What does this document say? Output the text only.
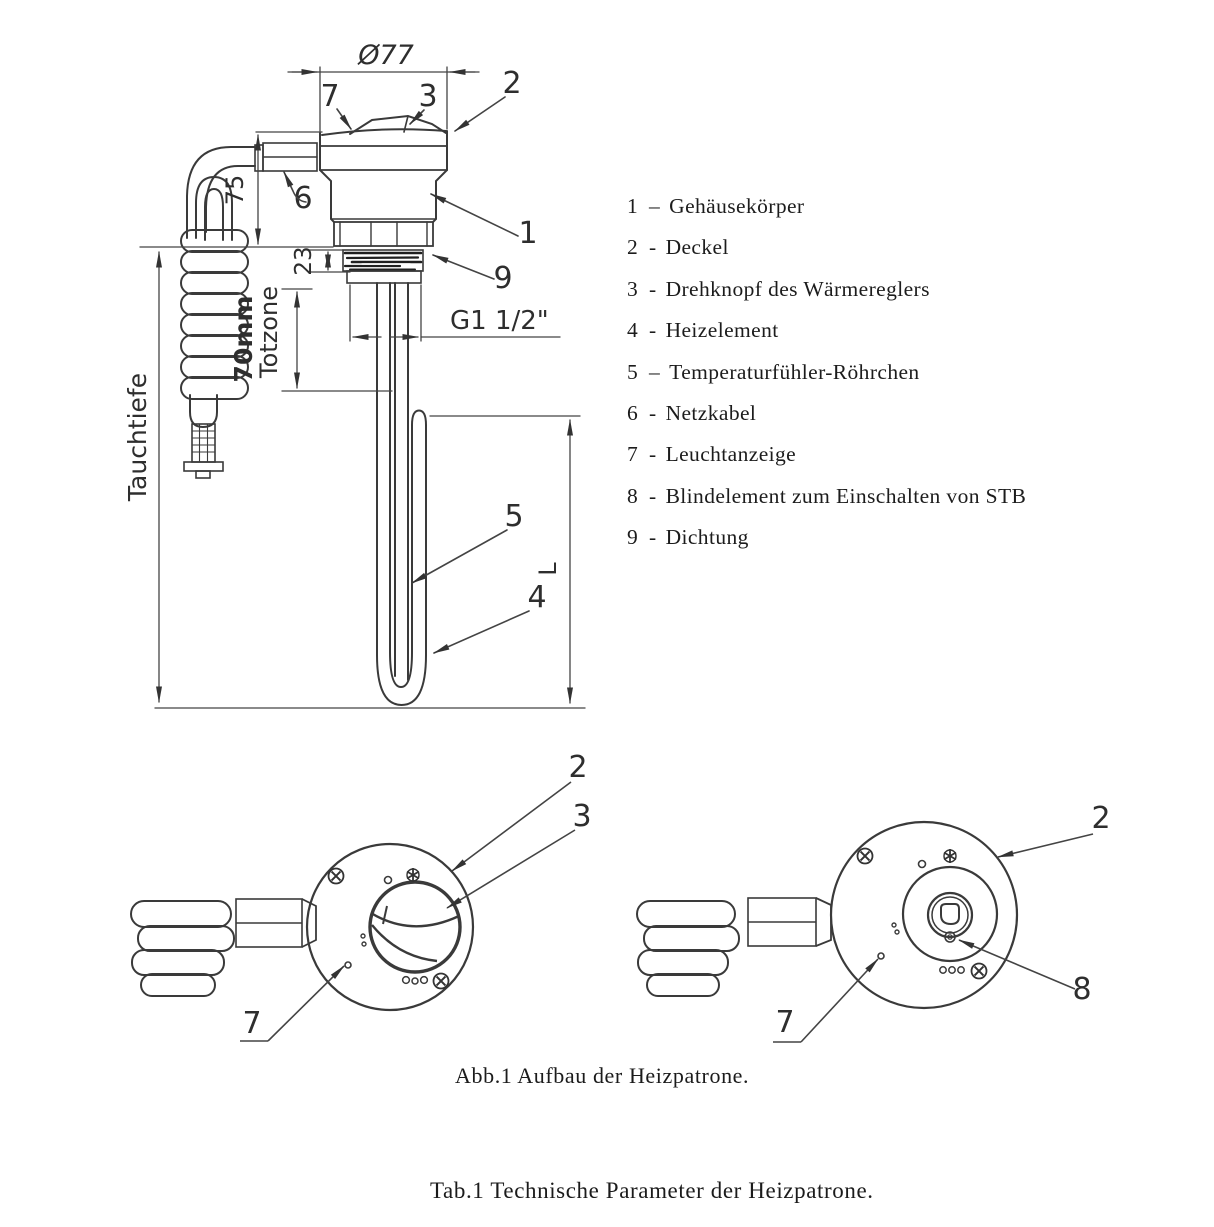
Ø77
75
Tauchtiefe
70mm
Totzone
23
G1 1/2"
L
7	3 2
6
1
9
5
4
2
3
7
2
8
7
1 – Gehäusekörper
2 - Deckel
3 - Drehknopf des Wärmereglers
4 - Heizelement
5 – Temperaturfühler-Röhrchen
6 - Netzkabel
7 - Leuchtanzeige
8 - Blindelement zum Einschalten von STB
9 - Dichtung
Abb.1 Aufbau der Heizpatrone.
Tab.1 Technische Parameter der Heizpatrone.
